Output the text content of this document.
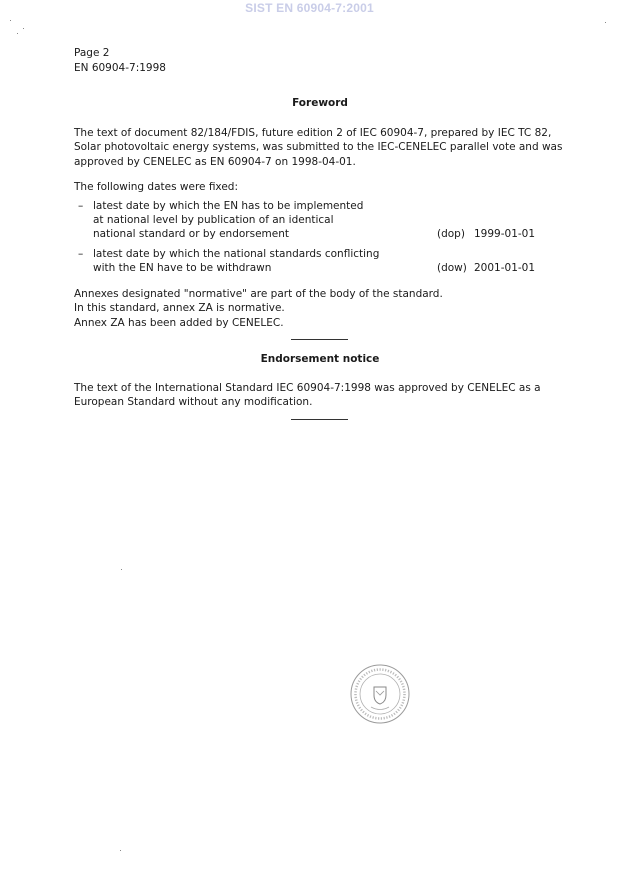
SIST EN 60904-7:2001
Page 2
EN 60904-7:1998
Foreword
The text of document 82/184/FDIS, future edition 2 of IEC 60904-7, prepared by IEC TC 82,
Solar photovoltaic energy systems, was submitted to the IEC-CENELEC parallel vote and was
approved by CENELEC as EN 60904-7 on 1998-04-01.
The following dates were fixed:
– latest date by which the EN has to be implemented
at national level by publication of an identical
national standard or by endorsement	(dop) 1999-01-01
– latest date by which the national standards conflicting
with the EN have to be withdrawn	(dow) 2001-01-01
Annexes designated "normative" are part of the body of the standard.
In this standard, annex ZA is normative.
Annex ZA has been added by CENELEC.
Endorsement notice
The text of the International Standard IEC 60904-7:1998 was approved by CENELEC as a
European Standard without any modification.
